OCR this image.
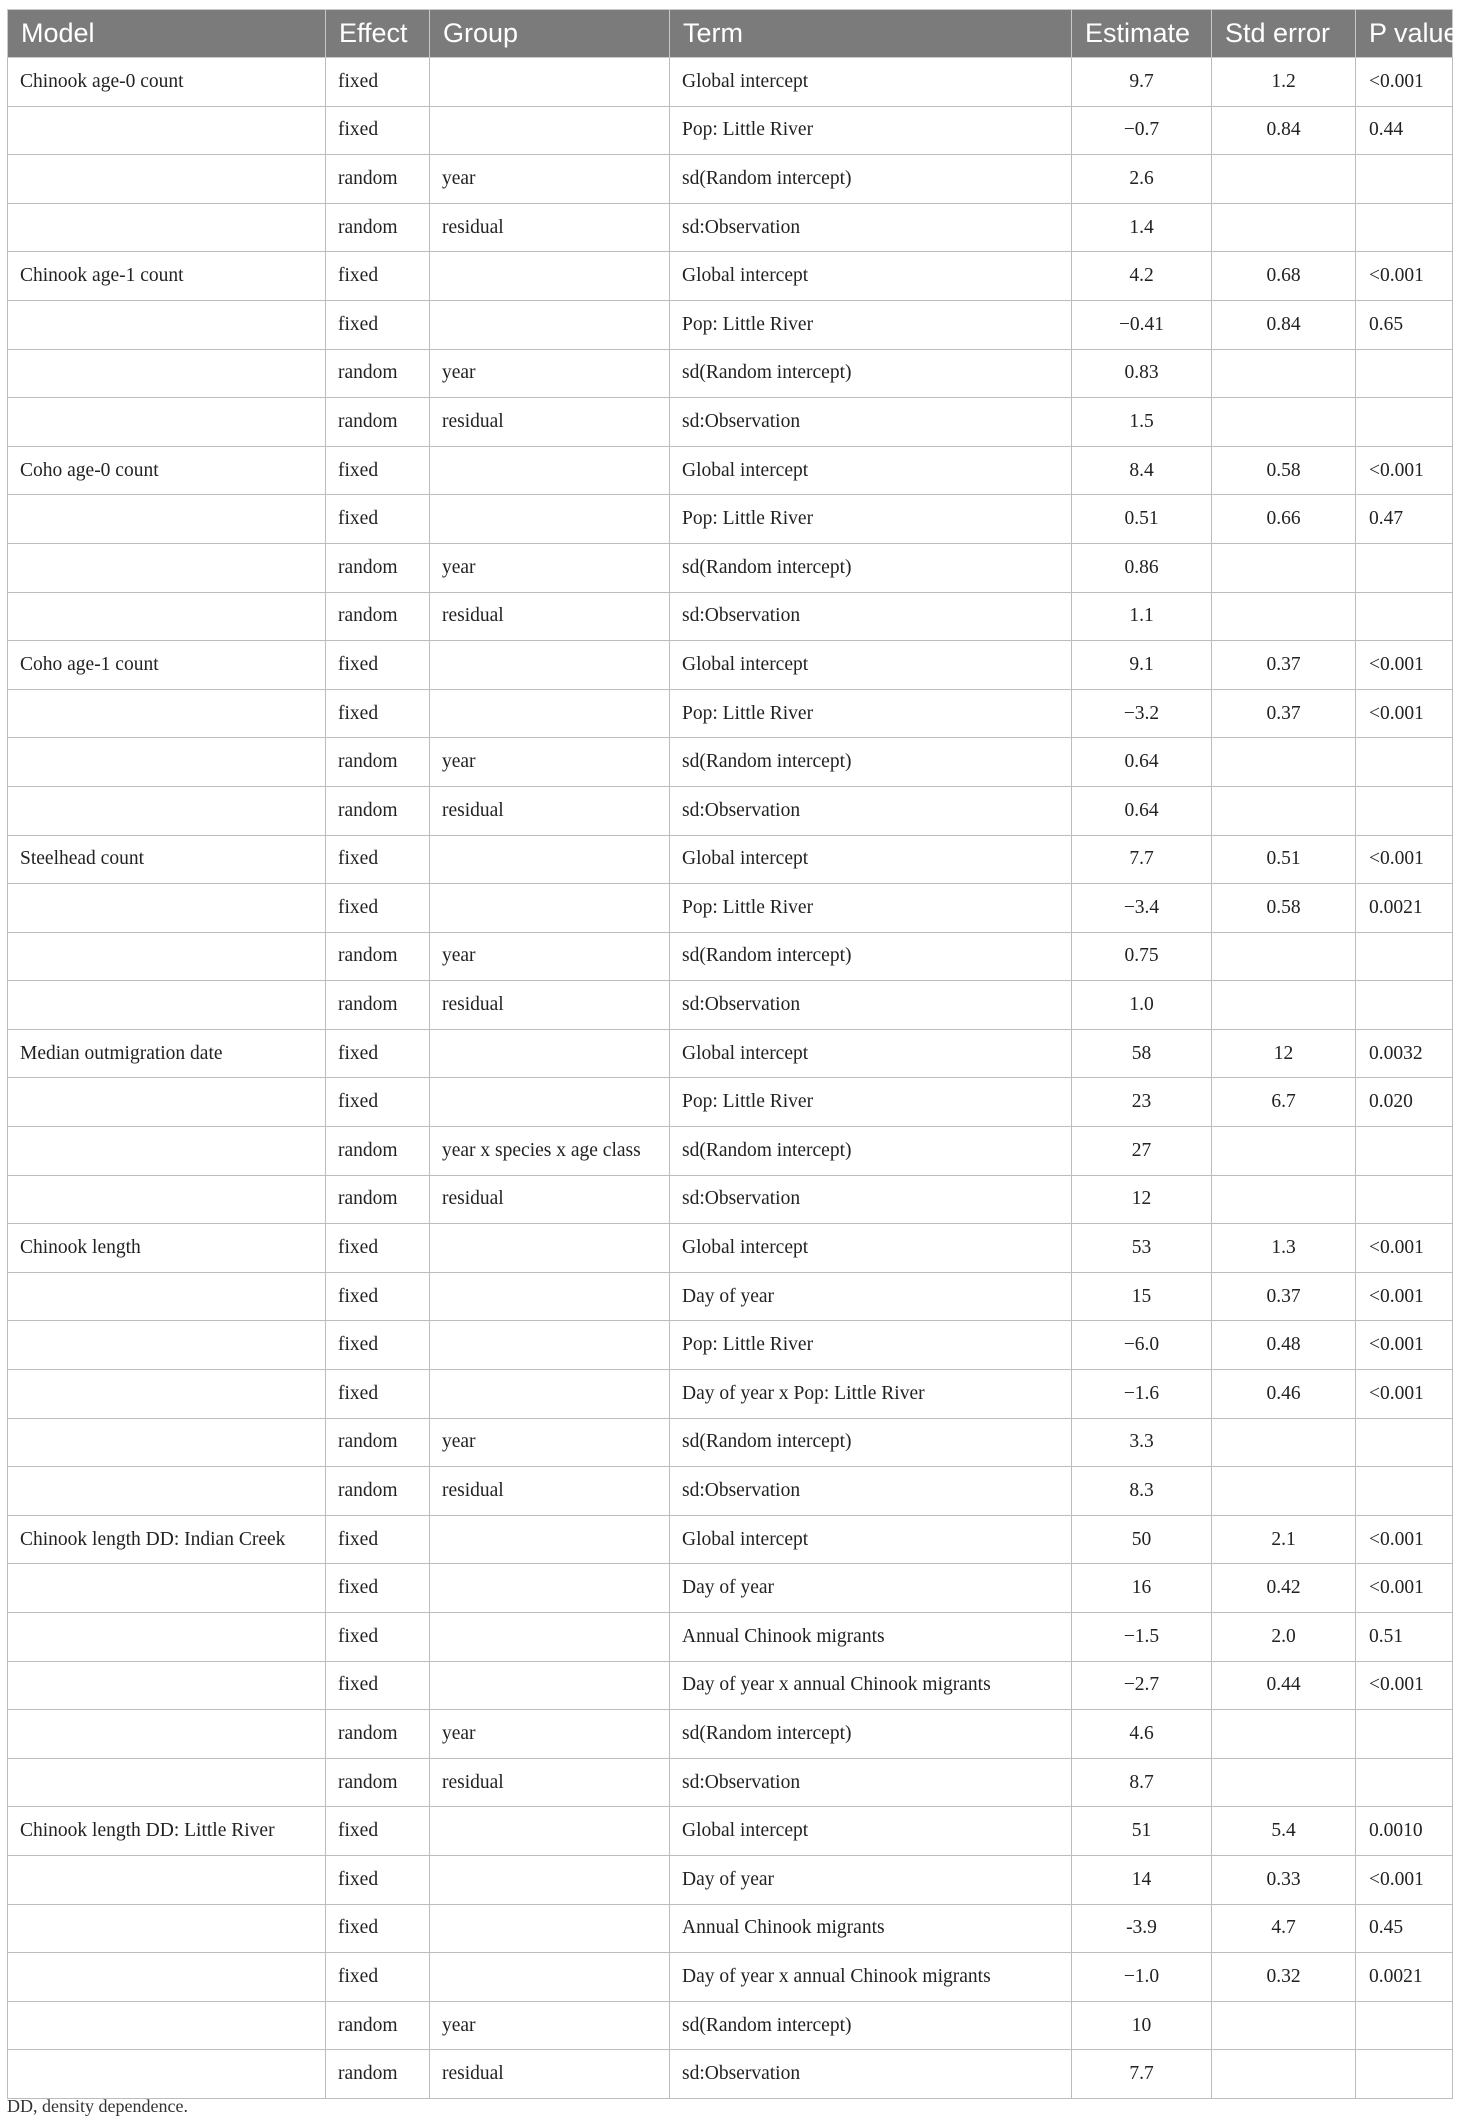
Model	Effect	Group	Term	Estimate	Std error	P value-
Chinook age-0 count	fixed		Global intercept	9.7	1.2	<0.001
	fixed		Pop: Little River	−0.7	0.84	0.44
	random	year	sd(Random intercept)	2.6		
	random	residual	sd:Observation	1.4		
Chinook age-1 count	fixed		Global intercept	4.2	0.68	<0.001
	fixed		Pop: Little River	−0.41	0.84	0.65
	random	year	sd(Random intercept)	0.83		
	random	residual	sd:Observation	1.5		
Coho age-0 count	fixed		Global intercept	8.4	0.58	<0.001
	fixed		Pop: Little River	0.51	0.66	0.47
	random	year	sd(Random intercept)	0.86		
	random	residual	sd:Observation	1.1		
Coho age-1 count	fixed		Global intercept	9.1	0.37	<0.001
	fixed		Pop: Little River	−3.2	0.37	<0.001
	random	year	sd(Random intercept)	0.64		
	random	residual	sd:Observation	0.64		
Steelhead count	fixed		Global intercept	7.7	0.51	<0.001
	fixed		Pop: Little River	−3.4	0.58	0.0021
	random	year	sd(Random intercept)	0.75		
	random	residual	sd:Observation	1.0		
Median outmigration date	fixed		Global intercept	58	12	0.0032
	fixed		Pop: Little River	23	6.7	0.020
	random	year x species x age class	sd(Random intercept)	27		
	random	residual	sd:Observation	12		
Chinook length	fixed		Global intercept	53	1.3	<0.001
	fixed		Day of year	15	0.37	<0.001
	fixed		Pop: Little River	−6.0	0.48	<0.001
	fixed		Day of year x Pop: Little River	−1.6	0.46	<0.001
	random	year	sd(Random intercept)	3.3		
	random	residual	sd:Observation	8.3		
Chinook length DD: Indian Creek	fixed		Global intercept	50	2.1	<0.001
	fixed		Day of year	16	0.42	<0.001
	fixed		Annual Chinook migrants	−1.5	2.0	0.51
	fixed		Day of year x annual Chinook migrants	−2.7	0.44	<0.001
	random	year	sd(Random intercept)	4.6		
	random	residual	sd:Observation	8.7		
Chinook length DD: Little River	fixed		Global intercept	51	5.4	0.0010
	fixed		Day of year	14	0.33	<0.001
	fixed		Annual Chinook migrants	-3.9	4.7	0.45
	fixed		Day of year x annual Chinook migrants	−1.0	0.32	0.0021
	random	year	sd(Random intercept)	10		
	random	residual	sd:Observation	7.7		

DD, density dependence.
